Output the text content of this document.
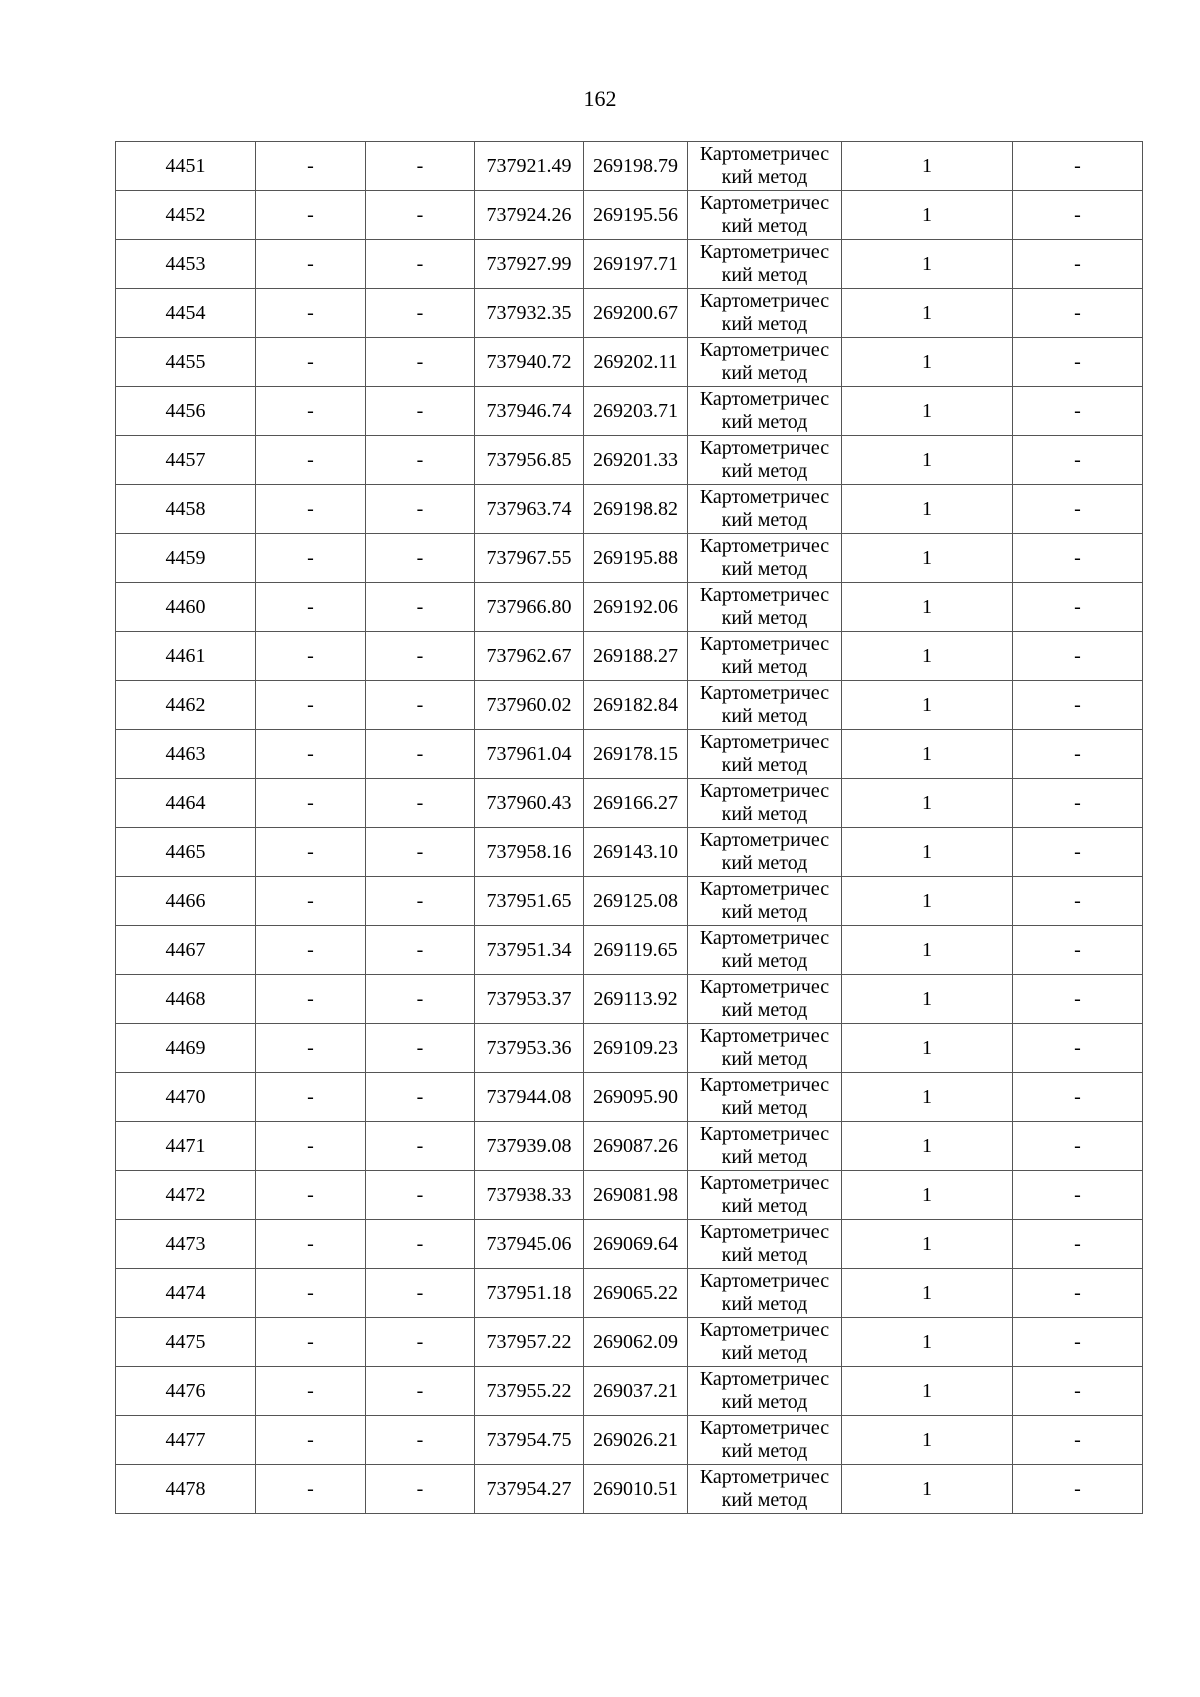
162
4451	-	-	737921.49	269198.79	Картометричес
кий метод	1	-
4452	-	-	737924.26	269195.56	Картометричес
кий метод	1	-
4453	-	-	737927.99	269197.71	Картометричес
кий метод	1	-
4454	-	-	737932.35	269200.67	Картометричес
кий метод	1	-
4455	-	-	737940.72	269202.11	Картометричес
кий метод	1	-
4456	-	-	737946.74	269203.71	Картометричес
кий метод	1	-
4457	-	-	737956.85	269201.33	Картометричес
кий метод	1	-
4458	-	-	737963.74	269198.82	Картометричес
кий метод	1	-
4459	-	-	737967.55	269195.88	Картометричес
кий метод	1	-
4460	-	-	737966.80	269192.06	Картометричес
кий метод	1	-
4461	-	-	737962.67	269188.27	Картометричес
кий метод	1	-
4462	-	-	737960.02	269182.84	Картометричес
кий метод	1	-
4463	-	-	737961.04	269178.15	Картометричес
кий метод	1	-
4464	-	-	737960.43	269166.27	Картометричес
кий метод	1	-
4465	-	-	737958.16	269143.10	Картометричес
кий метод	1	-
4466	-	-	737951.65	269125.08	Картометричес
кий метод	1	-
4467	-	-	737951.34	269119.65	Картометричес
кий метод	1	-
4468	-	-	737953.37	269113.92	Картометричес
кий метод	1	-
4469	-	-	737953.36	269109.23	Картометричес
кий метод	1	-
4470	-	-	737944.08	269095.90	Картометричес
кий метод	1	-
4471	-	-	737939.08	269087.26	Картометричес
кий метод	1	-
4472	-	-	737938.33	269081.98	Картометричес
кий метод	1	-
4473	-	-	737945.06	269069.64	Картометричес
кий метод	1	-
4474	-	-	737951.18	269065.22	Картометричес
кий метод	1	-
4475	-	-	737957.22	269062.09	Картометричес
кий метод	1	-
4476	-	-	737955.22	269037.21	Картометричес
кий метод	1	-
4477	-	-	737954.75	269026.21	Картометричес
кий метод	1	-
4478	-	-	737954.27	269010.51	Картометричес
кий метод	1	-
